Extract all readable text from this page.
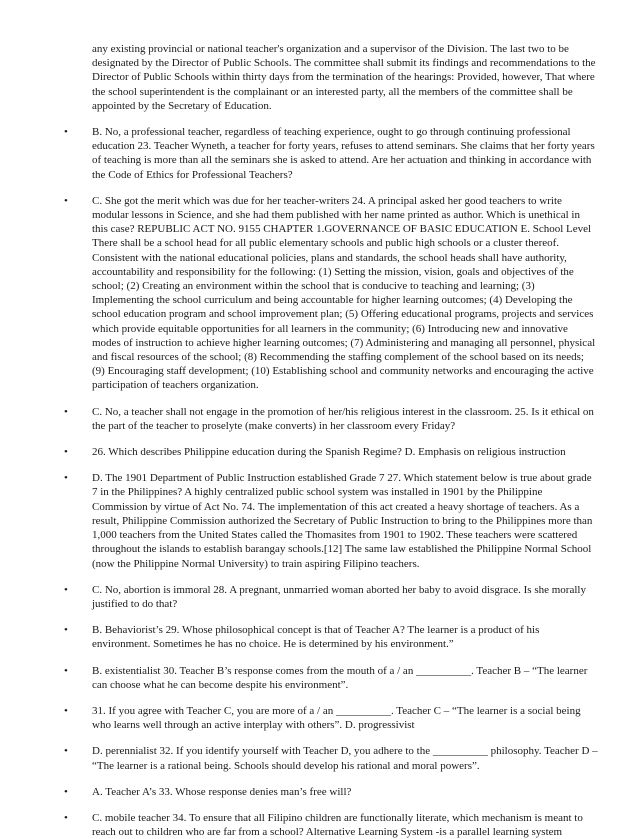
any existing provincial or national teacher's organization and a supervisor of the Division. The last two to be designated by the Director of Public Schools. The committee shall submit its findings and recommendations to the Director of Public Schools within thirty days from the termination of the hearings: Provided, however, That where the school superintendent is the complainant or an interested party, all the members of the committee shall be appointed by the Secretary of Education.

• B. No, a professional teacher, regardless of teaching experience, ought to go through continuing professional education 23. Teacher Wyneth, a teacher for forty years, refuses to attend seminars. She claims that her forty years of teaching is more than all the seminars she is asked to attend. Are her actuation and thinking in accordance with the Code of Ethics for Professional Teachers?
• C. She got the merit which was due for her teacher-writers 24. A principal asked her good teachers to write modular lessons in Science, and she had them published with her name printed as author. Which is unethical in this case? REPUBLIC ACT NO. 9155 CHAPTER 1.GOVERNANCE OF BASIC EDUCATION E. School Level There shall be a school head for all public elementary schools and public high schools or a cluster thereof. Consistent with the national educational policies, plans and standards, the school heads shall have authority, accountability and responsibility for the following: (1) Setting the mission, vision, goals and objectives of the school; (2) Creating an environment within the school that is conducive to teaching and learning; (3) Implementing the school curriculum and being accountable for higher learning outcomes; (4) Developing the school education program and school improvement plan; (5) Offering educational programs, projects and services which provide equitable opportunities for all learners in the community; (6) Introducing new and innovative modes of instruction to achieve higher learning outcomes; (7) Administering and managing all personnel, physical and fiscal resources of the school; (8) Recommending the staffing complement of the school based on its needs; (9) Encouraging staff development; (10) Establishing school and community networks and encouraging the active participation of teachers organization.
• C. No, a teacher shall not engage in the promotion of her/his religious interest in the classroom. 25. Is it ethical on the part of the teacher to proselyte (make converts) in her classroom every Friday?
• 26. Which describes Philippine education during the Spanish Regime? D. Emphasis on religious instruction
• D. The 1901 Department of Public Instruction established Grade 7 27. Which statement below is true about grade 7 in the Philippines? A highly centralized public school system was installed in 1901 by the Philippine Commission by virtue of Act No. 74. The implementation of this act created a heavy shortage of teachers. As a result, Philippine Commission authorized the Secretary of Public Instruction to bring to the Philippines more than 1,000 teachers from the United States called the Thomasites from 1901 to 1902. These teachers were scattered throughout the islands to establish barangay schools.[12] The same law established the Philippine Normal School (now the Philippine Normal University) to train aspiring Filipino teachers.
• C. No, abortion is immoral 28. A pregnant, unmarried woman aborted her baby to avoid disgrace. Is she morally justified to do that?
• B. Behaviorist’s 29. Whose philosophical concept is that of Teacher A? The learner is a product of his environment. Sometimes he has no choice. He is determined by his environment.”
• B. existentialist 30. Teacher B’s response comes from the mouth of a / an __________. Teacher B – “The learner can choose what he can become despite his environment”.
• 31. If you agree with Teacher C, you are more of a / an __________. Teacher C – “The learner is a social being who learns well through an active interplay with others”. D. progressivist
• D. perennialist 32. If you identify yourself with Teacher D, you adhere to the __________ philosophy. Teacher D – “The learner is a rational being. Schools should develop his rational and moral powers”.
• A. Teacher A’s 33. Whose response denies man’s free will?
• C. mobile teacher 34. To ensure that all Filipino children are functionally literate, which mechanism is meant to reach out to children who are far from a school? Alternative Learning System -is a parallel learning system
